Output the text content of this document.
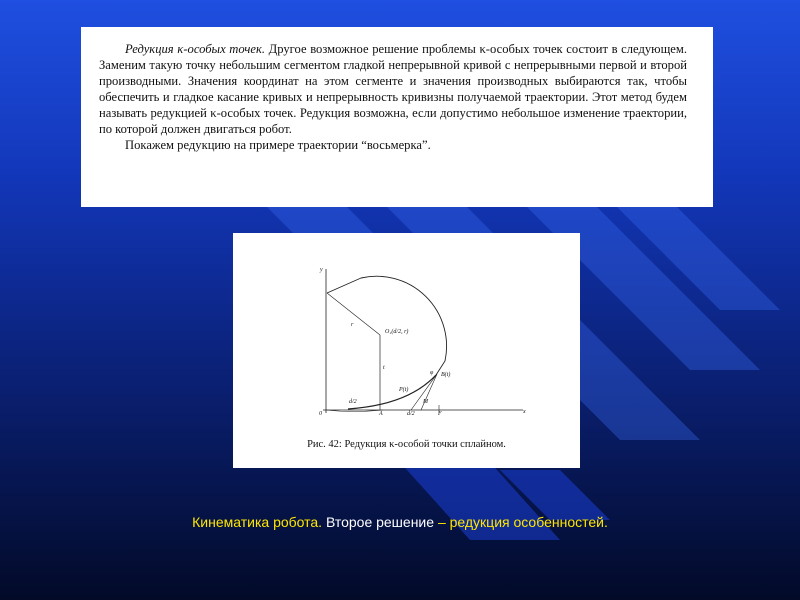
Редукция κ-особых точек. Другое возможное решение проблемы κ-особых точек состоит в следующем. Заменим такую точку небольшим сегментом гладкой непрерывной кривой с непрерывными первой и второй производными. Значения координат на этом сегменте и значения производных выбираются так, чтобы обеспечить и гладкое касание кривых и непрерывность кривизны получаемой траектории. Этот метод будем называть редукцией κ-особых точек. Редукция возможна, если допустимо небольшое изменение траектории, по которой должен двигаться робот.

Покажем редукцию на примере траектории “восьмерка”.

y
x
0
r
O₁(d/2, r)
t
P(t)
B(t)
φ
d/2
d/2
A
M
F
Рис. 42: Редукция κ-особой точки сплайном.
Кинематика робота. Второе решение – редукция особенностей.
